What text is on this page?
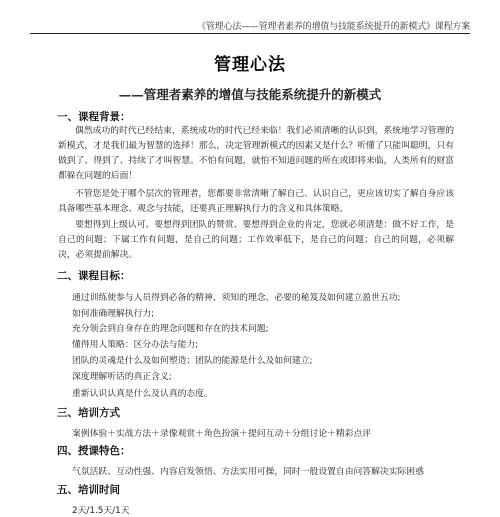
《管理心法——管理者素养的增值与技能系统提升的新模式》课程方案
管理心法
——管理者素养的增值与技能系统提升的新模式
一、课程背景：
偶然成功的时代已经结束，系统成功的时代已经来临！我们必须清晰的认识到，系统地学习管理的新模式，才是我们最为智慧的选择！那么，决定管理新模式的因素又是什么？听懂了只能叫聪明，只有做到了、得到了、持续了才叫智慧。不怕有问题，就怕不知道问题的所在或即将来临，人类所有的财富都躲在问题的后面！
不管您是处于哪个层次的管理者，您都要非常清晰了解自己、认识自己，更应该切实了解自身应该具备哪些基本理念、观念与技能，还要真正理解执行力的含义和具体策略。
要想得到上级认可、要想得到团队的赞赏、要想得到企业的肯定，您就必须清楚：做不好工作，是自己的问题；下属工作有问题，是自己的问题；工作效率低下，是自己的问题；自己的问题，必须解决，必须提前解决。
二、课程目标：
通过训练使参与人员得到必备的精神、须知的理念、必要的秘笈及如何建立盈世五功;
如何准确理解执行力;
充分领会到自身存在的理念问题和存在的技术问题;
懂得用人策略：区分办法与能力;
团队的灵魂是什么及如何塑造；团队的能源是什么及如何建立;
深度理解听话的真正含义;
重新认识认真是什么及认真的态度。
三、培训方式
案例体验＋实战方法＋录像观赏＋角色扮演＋提问互动＋分组讨论＋精彩点评
四、授课特色：
气氛活跃、互动性强、内容启发领悟、方法实用可操，同时一般设置自由问答解决实际困惑
五、培训时间
2天/1.5天/1天
